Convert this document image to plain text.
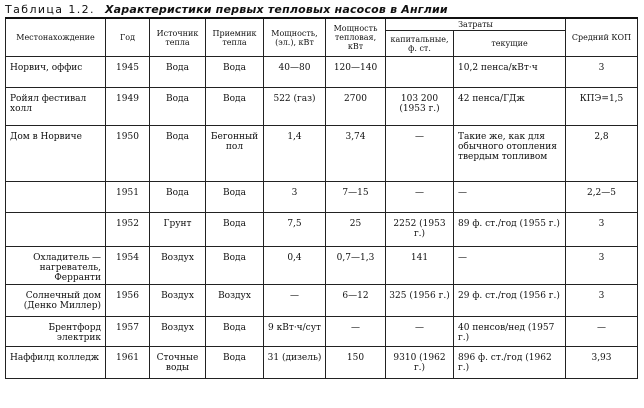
Таблица 1.2. Характеристики первых тепловых насосов в Англии
Местонахождение	Год	Источник тепла	Приемник тепла	Мощность, (эл.), кВт	Мощность тепловая, кВт	Затраты		Средний КОП
						капитальные, ф. ст.	текущие	
Норвич, оффис	1945	Вода	Вода	40—80	120—140		10,2 пенса/кВт·ч	3
Ройял фестивал холл	1949	Вода	Вода	522 (газ)	2700	103 200 (1953 г.)	42 пенса/ГДж	КПЭ=1,5
Дом в Норвиче	1950	Вода	Бегонный пол	1,4	3,74	—	Такие же, как для обычного отопления твердым топливом	2,8
	1951	Вода	Вода	3	7—15	—	—	2,2—5
	1952	Грунт	Вода	7,5	25	2252 (1953 г.)	89 ф. ст./год (1955 г.)	3
Охладитель — нагреватель, Ферранти	1954	Воздух	Вода	0,4	0,7—1,3	141	—	3
Солнечный дом (Денко Миллер)	1956	Воздух	Воздух	—	6—12	325 (1956 г.)	29 ф. ст./год (1956 г.)	3
Брентфорд электрик	1957	Воздух	Вода	9 кВт·ч/сут	—	—	40 пенсов/нед (1957 г.)	—
Наффилд колледж	1961	Сточные воды	Вода	31 (дизель)	150	9310 (1962 г.)	896 ф. ст./год (1962 г.)	3,93
